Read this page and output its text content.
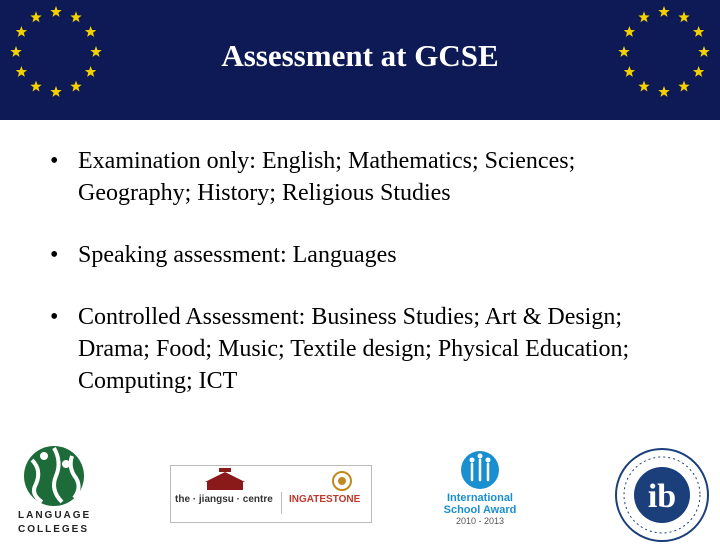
Assessment at GCSE
• Examination only: English; Mathematics; Sciences; Geography; History; Religious Studies
• Speaking assessment: Languages
• Controlled Assessment: Business Studies; Art & Design; Drama; Food; Music; Textile design; Physical Education; Computing; ICT
LANGUAGE
COLLEGES
the · jiangsu · centre INGATESTONE	International
School Award
2010 - 2013
ib
